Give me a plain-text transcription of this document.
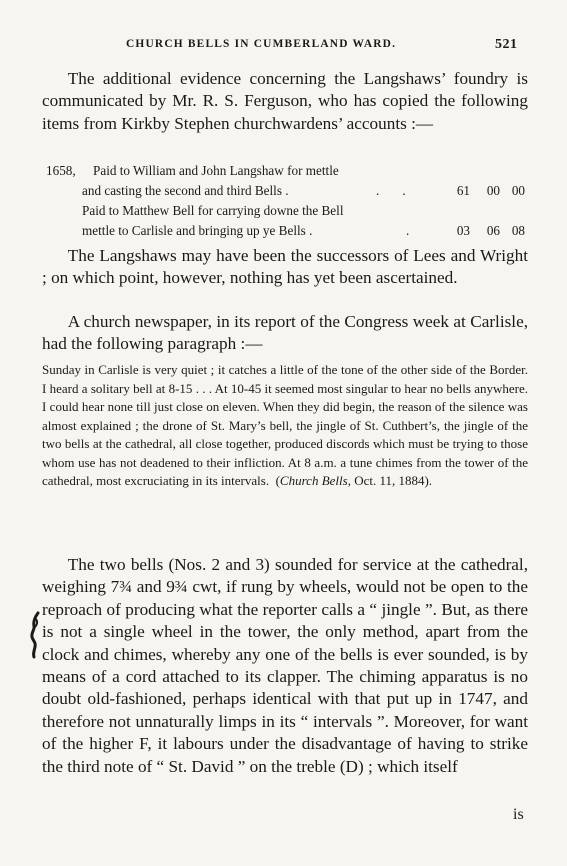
CHURCH BELLS IN CUMBERLAND WARD.	521

The additional evidence concerning the Langshaws’ foundry is communicated by Mr. R. S. Ferguson, who has copied the following items from Kirkby Stephen churchwardens’ accounts :—

1658, Paid to William and John Langshaw for mettle
and casting the second and third Bells .	.       .	61	00 00
Paid to Matthew Bell for carrying downe the Bell
mettle to Carlisle and bringing up ye Bells .	.	03	06 08

The Langshaws may have been the successors of Lees and Wright ; on which point, however, nothing has yet been ascertained.

A church newspaper, in its report of the Congress week at Carlisle, had the following paragraph :—

Sunday in Carlisle is very quiet ; it catches a little of the tone of the other side of the Border. I heard a solitary bell at 8-15 . . . At 10-45 it seemed most singular to hear no bells anywhere. I could hear none till just close on eleven. When they did begin, the reason of the silence was almost explained ; the drone of St. Mary’s bell, the jingle of St. Cuthbert’s, the jingle of the two bells at the cathedral, all close together, produced discords which must be trying to those whom use has not deadened to their infliction. At 8 a.m. a tune chimes from the tower of the cathedral, most excruciating in its intervals. (Church Bells, Oct. 11, 1884).

The two bells (Nos. 2 and 3) sounded for service at the cathedral, weighing 7¾ and 9¾ cwt, if rung by wheels, would not be open to the reproach of producing what the reporter calls a “ jingle ”. But, as there is not a single wheel in the tower, the only method, apart from the clock and chimes, whereby any one of the bells is ever sounded, is by means of a cord attached to its clapper. The chiming apparatus is no doubt old-fashioned, perhaps identical with that put up in 1747, and therefore not unnaturally limps in its “ intervals ”. Moreover, for want of the higher F, it labours under the disadvantage of having to strike the third note of “ St. David ” on the treble (D) ; which itself

is
